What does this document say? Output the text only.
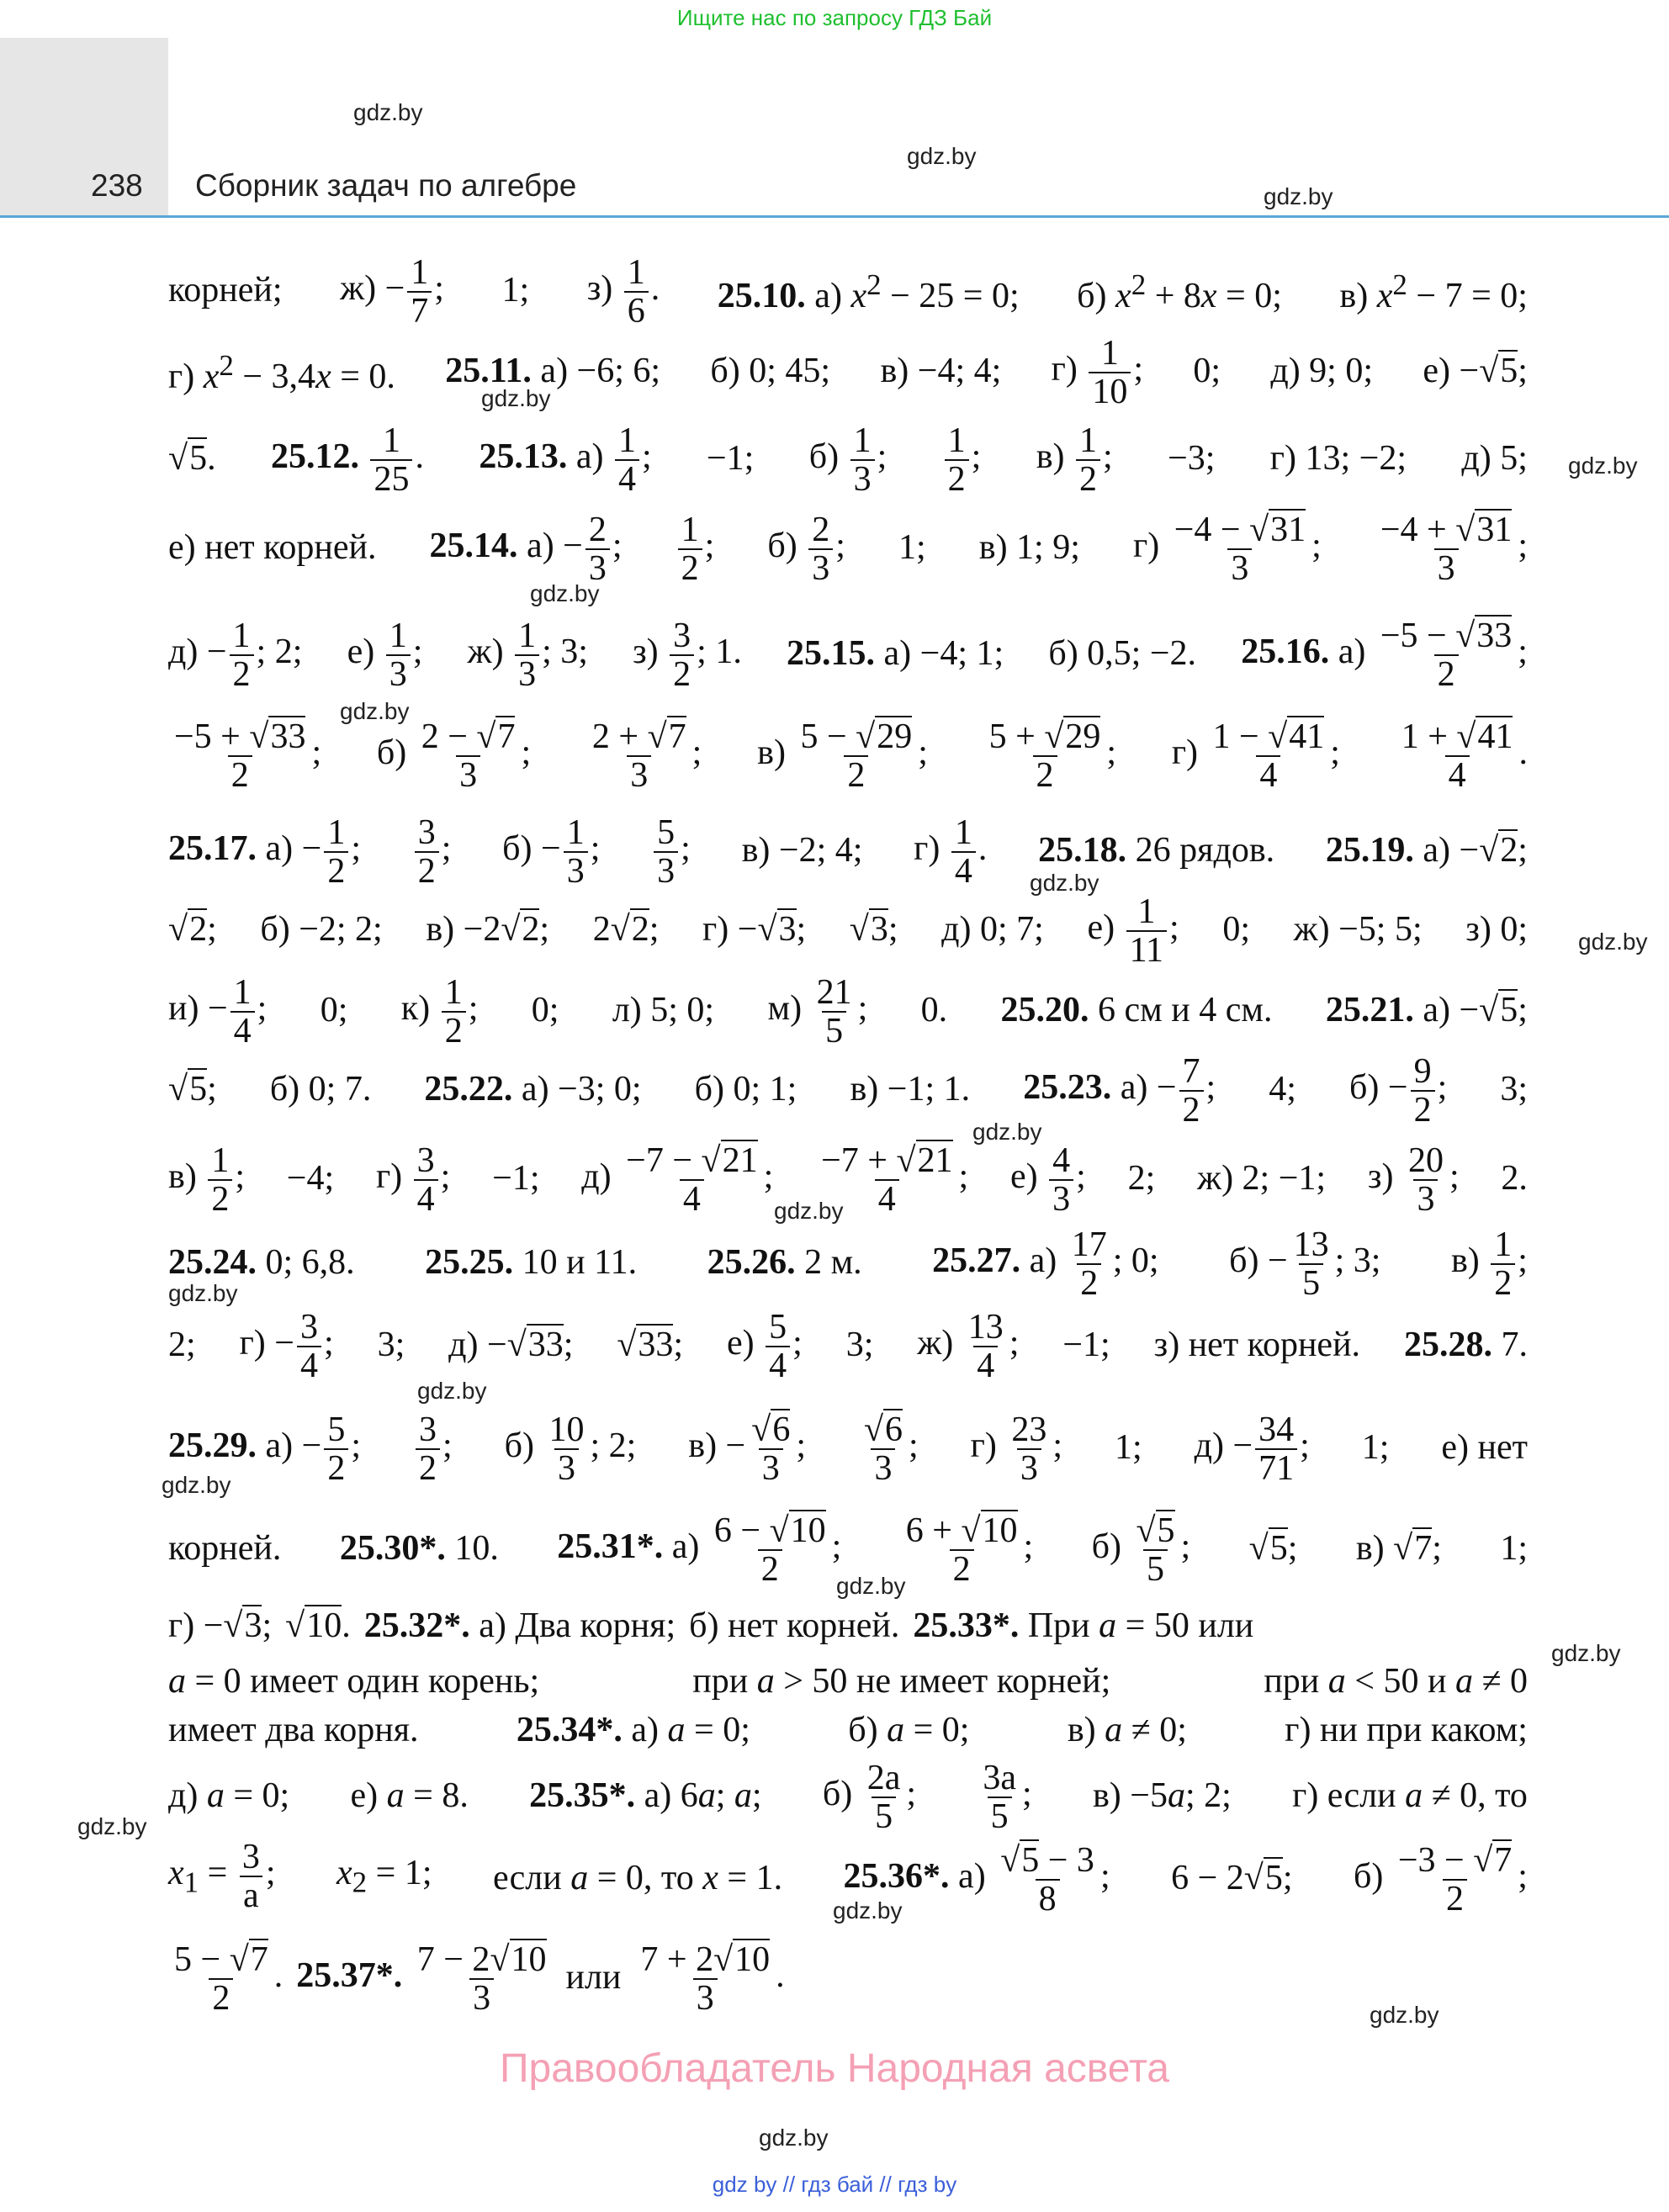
Ищите нас по запросу ГДЗ Бай
238 Сборник задач по алгебре
gdz.by
gdz.by
gdz.by
gdz.by
gdz.by
gdz.by
gdz.by
gdz.by
gdz.by
gdz.by
gdz.by
gdz.by
gdz.by
gdz.by
gdz.by
gdz.by
gdz.by
gdz.by
gdz.by
gdz.by
корней; $ж) - \frac{1}{7}$ ; 1; $з) \frac{1}{6}$ . 25.10. а) $x^2 - 25 = 0$; б) $x^2 + 8x = 0$; в) $x^2 - 7 = 0$;
г) $x^2 - 3,4x = 0$. 25.11. а) −6; 6; б) 0; 45; в) −4; 4; $г) \frac{1}{10}$ ; 0; д) 9; 0; е) −√5;
√5. 25.12. $\frac{1}{25}$ . 25.13. $а) \frac{1}{4}$ ; −1; $б) \frac{1}{3}$ ; $\frac{1}{2}$ ; $в) \frac{1}{2}$ ; −3; г) 13; −2; д) 5;
е) нет корней. 25.14. $а) - \frac{2}{3}$ ; $\frac{1}{2}$ ; $б) \frac{2}{3}$ ; 1; в) 1; 9; $г) \frac{-4 - √31}{3}$ ; $\frac{-4 + √31}{3}$ ;
$д) - \frac{1}{2}$ ; 2; $е) \frac{1}{3}$ ; $ж) \frac{1}{3}$ ; 3; $з) \frac{3}{2}$ ; 1. 25.15. а) −4; 1; б) 0,5; −2. 25.16. $а) \frac{-5 - √33}{2}$ ;
$\frac{-5 + √33}{2}$ ; $б) \frac{2 - √7}{3}$ ; $\frac{2 + √7}{3}$ ; $в) \frac{5 - √29}{2}$ ; $\frac{5 + √29}{2}$ ; $г) \frac{1 - √41}{4}$ ; $\frac{1 + √41}{4}$ .
25.17. $а) - \frac{1}{2}$ ; $\frac{3}{2}$ ; $б) - \frac{1}{3}$ ; $\frac{5}{3}$ ; в) −2; 4; $г) \frac{1}{4}$ . 25.18. 26 рядов. 25.19. а) −√2;
√2; б) −2; 2; в) −2√2; 2√2; г) −√3; √3; д) 0; 7; $е) \frac{1}{11}$ ; 0; ж) −5; 5; з) 0;
$и) - \frac{1}{4}$ ; 0; $к) \frac{1}{2}$ ; 0; л) 5; 0; $м) \frac{21}{5}$ ; 0. 25.20. 6 см и 4 см. 25.21. а) −√5;
√5; б) 0; 7. 25.22. а) −3; 0; б) 0; 1; в) −1; 1. 25.23. $а) - \frac{7}{2}$ ; 4; $б) - \frac{9}{2}$ ; 3;
$в) \frac{1}{2}$ ; −4; $г) \frac{3}{4}$ ; −1; $д) \frac{-7 - √21}{4}$ ; $\frac{-7 + √21}{4}$ ; $е) \frac{4}{3}$ ; 2; ж) 2; −1; $з) \frac{20}{3}$ ; 2.
25.24. 0; 6,8. 25.25. 10 и 11. 25.26. 2 м. 25.27. $а) \frac{17}{2}$ ; 0; $б) - \frac{13}{5}$ ; 3; $в) \frac{1}{2}$ ;
2; $г) - \frac{3}{4}$ ; 3; д) −√33; √33; $е) \frac{5}{4}$ ; 3; $ж) \frac{13}{4}$ ; −1; з) нет корней. 25.28. 7.
25.29. $а) - \frac{5}{2}$ ; $\frac{3}{2}$ ; $б) \frac{10}{3}$ ; 2; $в) - \frac{√6}{3}$ ; $\frac{√6}{3}$ ; $г) \frac{23}{3}$ ; 1; $д) - \frac{34}{71}$ ; 1; е) нет
корней. 25.30*. 10. 25.31*. $а) \frac{6 - √10}{2}$ ; $\frac{6 + √10}{2}$ ; $б) \frac{√5}{5}$ ; √5; в) √7; 1;
г) −√3; √10. 25.32*. а) Два корня; б) нет корней. 25.33*. При a = 50 или
a = 0 имеет один корень;	при a > 50 не имеет корней;	при a < 50 и a ≠ 0
имеет два корня.	25.34*. а) a = 0;	б) a = 0;	в) a ≠ 0;	г) ни при каком;
д) a = 0; е) a = 8. 25.35*. а) 6a; a; $б) \frac{2a}{5}$ ; $\frac{3a}{5}$ ; в) −5a; 2; г) если a ≠ 0, то
$x_1 = \frac{3}{a}$ ; $x_2 = 1$; если a = 0, то x = 1. 25.36*. $а) \frac{√5 - 3}{8}$ ; 6 − 2√5; $б) \frac{-3 - √7}{2}$ ;
$\frac{5 - √7}{2}$ . 25.37*. $\frac{7 - 2√10}{3}$ или $\frac{7 + 2√10}{3}$ .
Правообладатель Народная асвета
gdz by // гдз бай // гдз by
